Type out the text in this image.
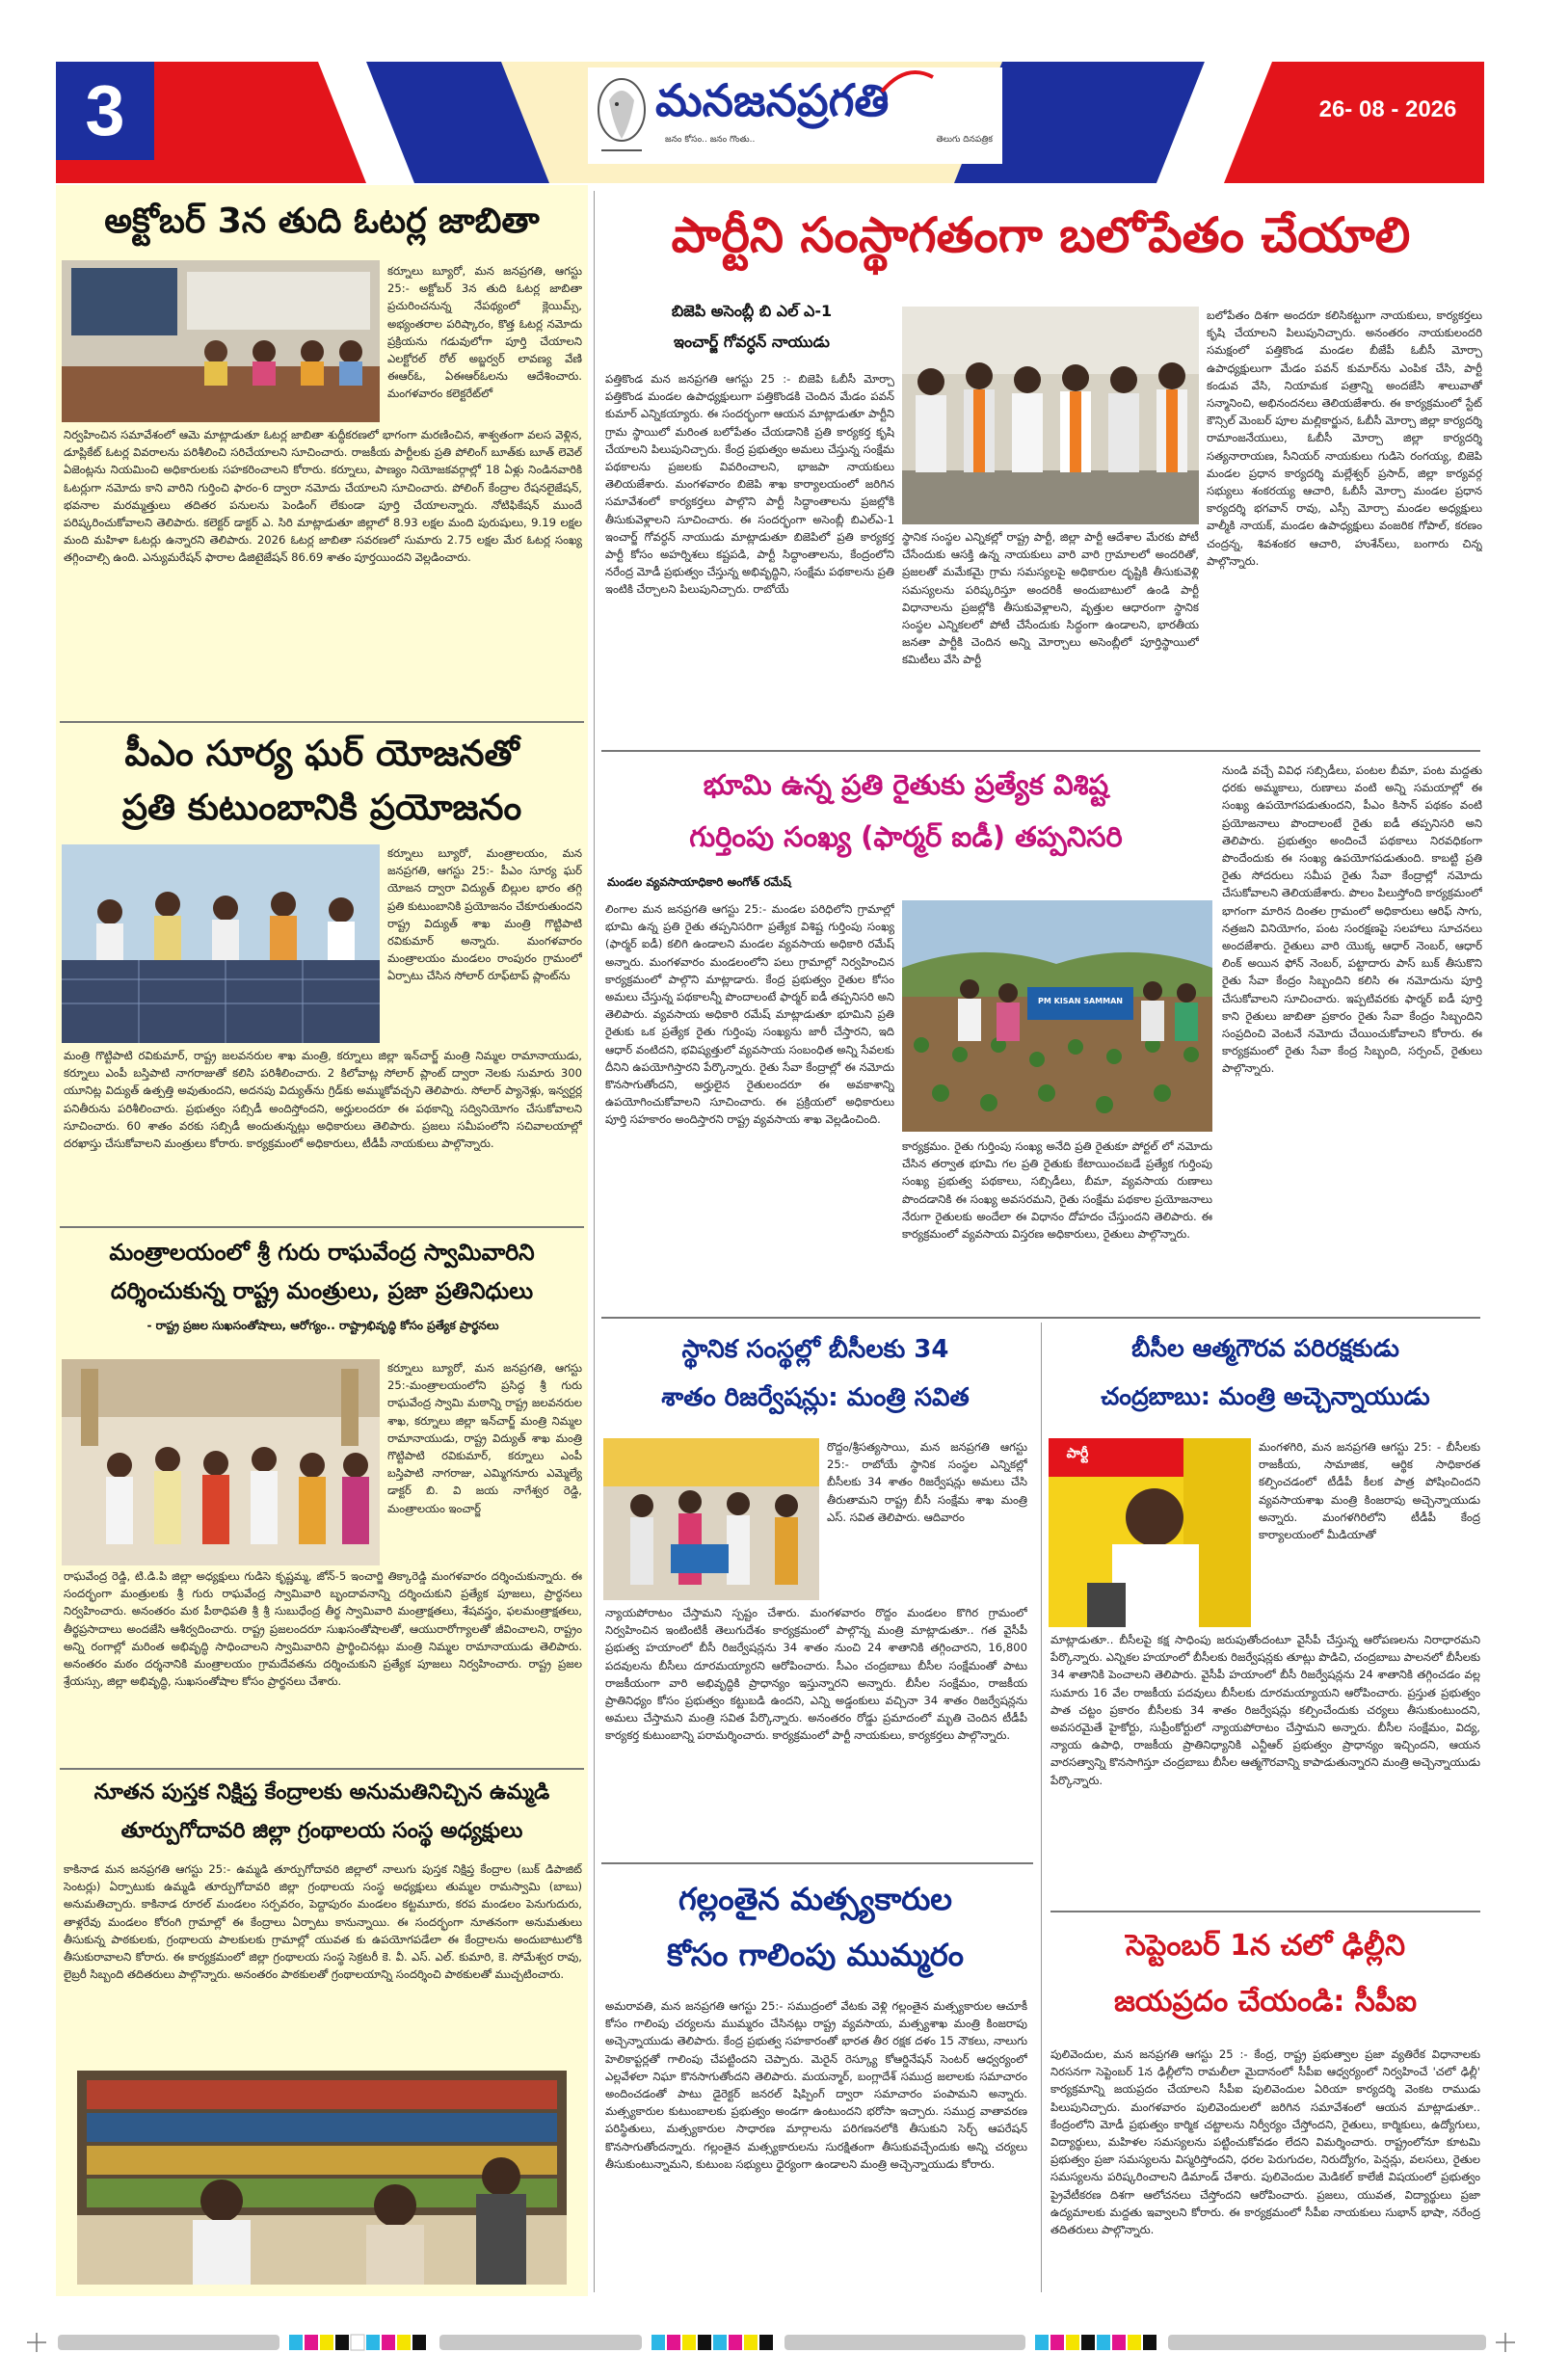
3	మనజనప్రగతి
జనం కోసం.. జనం గొంతు..	తెలుగు దినపత్రిక
26- 08 - 2026
అక్టోబర్ 3న తుది ఓటర్ల జాబితా
కర్నూలు బ్యూరో, మన జనప్రగతి, ఆగస్టు 25:- అక్టోబర్ 3న తుది ఓటర్ల జాబితా ప్రచురించనున్న నేపథ్యంలో క్లెయిమ్స్, అభ్యంతరాల పరిష్కారం, కొత్త ఓటర్ల నమోదు ప్రక్రియను గడువులోగా పూర్తి చేయాలని ఎలక్టోరల్ రోల్ అబ్జర్వర్ లావణ్య వేణి ఈఆర్ఓ, ఏఈఆర్ఓలను ఆదేశించారు. మంగళవారం కలెక్టరేట్‌లో
నిర్వహించిన సమావేశంలో ఆమె మాట్లాడుతూ ఓటర్ల జాబితా శుద్ధీకరణలో భాగంగా మరణించిన, శాశ్వతంగా వలస వెళ్లిన, డూప్లికేట్ ఓటర్ల వివరాలను పరిశీలించి సరిచేయాలని సూచించారు. రాజకీయ పార్టీలకు ప్రతి పోలింగ్ బూత్‌కు బూత్ లెవెల్ ఏజెంట్లను నియమించి అధికారులకు సహకరించాలని కోరారు. కర్నూలు, పాణ్యం నియోజకవర్గాల్లో 18 ఏళ్లు నిండినవారికి ఓటర్లుగా నమోదు కాని వారిని గుర్తించి ఫారం-6 ద్వారా నమోదు చేయాలని సూచించారు. పోలింగ్ కేంద్రాల రేషనలైజేషన్, భవనాల మరమ్మత్తులు తదితర పనులను పెండింగ్ లేకుండా పూర్తి చేయాలన్నారు. నోటిఫికేషన్ ముందే పరిష్కరించుకోవాలని తెలిపారు. కలెక్టర్ డాక్టర్ ఎ. సిరి మాట్లాడుతూ జిల్లాలో 8.93 లక్షల మంది పురుషులు, 9.19 లక్షల మంది మహిళా ఓటర్లు ఉన్నారని తెలిపారు. 2026 ఓటర్ల జాబితా సవరణలో సుమారు 2.75 లక్షల మేర ఓటర్ల సంఖ్య తగ్గించాల్సి ఉంది. ఎన్యుమరేషన్ ఫారాల డిజిటైజేషన్ 86.69 శాతం పూర్తయిందని వెల్లడించారు.
పీఎం సూర్య ఘర్ యోజనతో
ప్రతి కుటుంబానికి ప్రయోజనం
కర్నూలు బ్యూరో, మంత్రాలయం, మన జనప్రగతి, ఆగస్టు 25:- పీఎం సూర్య ఘర్ యోజన ద్వారా విద్యుత్ బిల్లుల భారం తగ్గి ప్రతి కుటుంబానికి ప్రయోజనం చేకూరుతుందని రాష్ట్ర విద్యుత్ శాఖ మంత్రి గొట్టిపాటి రవికుమార్ అన్నారు. మంగళవారం మంత్రాలయం మండలం రాంపురం గ్రామంలో ఏర్పాటు చేసిన సోలార్ రూఫ్‌టాప్ ప్లాంట్‌ను
మంత్రి గొట్టిపాటి రవికుమార్, రాష్ట్ర జలవనరుల శాఖ మంత్రి, కర్నూలు జిల్లా ఇన్‌చార్జ్ మంత్రి నిమ్మల రామానాయుడు, కర్నూలు ఎంపీ బస్తిపాటి నాగరాజుతో కలిసి పరిశీలించారు. 2 కిలోవాట్ల సోలార్ ప్లాంట్ ద్వారా నెలకు సుమారు 300 యూనిట్ల విద్యుత్ ఉత్పత్తి అవుతుందని, అదనపు విద్యుత్‌ను గ్రిడ్‌కు అమ్ముకోవచ్చని తెలిపారు. సోలార్ ప్యానెళ్లు, ఇన్వర్టర్ల పనితీరును పరిశీలించారు. ప్రభుత్వం సబ్సిడీ అందిస్తోందని, అర్హులందరూ ఈ పథకాన్ని సద్వినియోగం చేసుకోవాలని సూచించారు. 60 శాతం వరకు సబ్సిడీ అందుతున్నట్లు అధికారులు తెలిపారు. ప్రజలు సమీపంలోని సచివాలయాల్లో దరఖాస్తు చేసుకోవాలని మంత్రులు కోరారు. కార్యక్రమంలో అధికారులు, టీడీపీ నాయకులు పాల్గొన్నారు.
మంత్రాలయంలో శ్రీ గురు రాఘవేంద్ర స్వామివారిని
దర్శించుకున్న రాష్ట్ర మంత్రులు, ప్రజా ప్రతినిధులు
- రాష్ట్ర ప్రజల సుఖసంతోషాలు, ఆరోగ్యం.. రాష్ట్రాభివృద్ధి కోసం ప్రత్యేక ప్రార్థనలు
కర్నూలు బ్యూరో, మన జనప్రగతి, ఆగస్టు 25:-మంత్రాలయంలోని ప్రసిద్ధ శ్రీ గురు రాఘవేంద్ర స్వామి మఠాన్ని రాష్ట్ర జలవనరుల శాఖ, కర్నూలు జిల్లా ఇన్‌చార్జ్ మంత్రి నిమ్మల రామానాయుడు, రాష్ట్ర విద్యుత్ శాఖ మంత్రి గొట్టిపాటి రవికుమార్, కర్నూలు ఎంపీ బస్తిపాటి నాగరాజు, ఎమ్మిగనూరు ఎమ్మెల్యే డాక్టర్ బి. వి జయ నాగేశ్వర రెడ్డి, మంత్రాలయం ఇంచార్జ్
రాఘవేంద్ర రెడ్డి, టి.డి.పి జిల్లా అధ్యక్షులు గుడిసె కృష్ణమ్మ, జోన్-5 ఇంచార్జి తిక్కారెడ్డి మంగళవారం దర్శించుకున్నారు. ఈ సందర్భంగా మంత్రులకు శ్రీ గురు రాఘవేంద్ర స్వామివారి బృందావనాన్ని దర్శించుకుని ప్రత్యేక పూజలు, ప్రార్థనలు నిర్వహించారు. అనంతరం మఠ పీఠాధిపతి శ్రీ శ్రీ సుబుధేంద్ర తీర్థ స్వామివారి మంత్రాక్షతలు, శేషవస్త్రం, ఫలమంత్రాక్షతలు, తీర్థప్రసాదాలు అందజేసి ఆశీర్వదించారు. రాష్ట్ర ప్రజలందరూ సుఖసంతోషాలతో, ఆయురారోగ్యాలతో జీవించాలని, రాష్ట్రం అన్ని రంగాల్లో మరింత అభివృద్ధి సాధించాలని స్వామివారిని ప్రార్థించినట్లు మంత్రి నిమ్మల రామానాయుడు తెలిపారు. అనంతరం మఠం దర్శనానికి మంత్రాలయం గ్రామదేవతను దర్శించుకుని ప్రత్యేక పూజలు నిర్వహించారు. రాష్ట్ర ప్రజల శ్రేయస్సు, జిల్లా అభివృద్ధి, సుఖసంతోషాల కోసం ప్రార్థనలు చేశారు.
నూతన పుస్తక నిక్షిప్త కేంద్రాలకు అనుమతినిచ్చిన ఉమ్మడి
తూర్పుగోదావరి జిల్లా గ్రంథాలయ సంస్థ అధ్యక్షులు
కాకినాడ మన జనప్రగతి ఆగస్టు 25:- ఉమ్మడి తూర్పుగోదావరి జిల్లాలో నాలుగు పుస్తక నిక్షిప్త కేంద్రాల (బుక్ డిపాజిట్ సెంటర్లు) ఏర్పాటుకు ఉమ్మడి తూర్పుగోదావరి జిల్లా గ్రంథాలయ సంస్థ అధ్యక్షులు తుమ్మల రామస్వామి (బాబు) అనుమతిచ్చారు. కాకినాడ రూరల్ మండలం సర్పవరం, పెద్దాపురం మండలం కట్టమూరు, కరప మండలం పెనుగుదురు, తాళ్లరేవు మండలం కోరంగి గ్రామాల్లో ఈ కేంద్రాలు ఏర్పాటు కానున్నాయి. ఈ సందర్భంగా నూతనంగా అనుమతులు తీసుకున్న పాఠకులకు, గ్రంథాలయ పాలకులకు గ్రామాల్లో యువత కు ఉపయోగపడేలా ఈ కేంద్రాలను అందుబాటులోకి తీసుకురావాలని కోరారు. ఈ కార్యక్రమంలో జిల్లా గ్రంథాలయ సంస్థ సెక్రటరీ కె. వీ. ఎస్. ఎల్. కుమారి, కె. సోమేశ్వర రావు, లైబ్రరీ సిబ్బంది తదితరులు పాల్గొన్నారు. అనంతరం పాఠకులతో గ్రంథాలయాన్ని సందర్శించి పాఠకులతో ముచ్చటించారు.
పార్టీని సంస్థాగతంగా బలోపేతం చేయాలి
బిజెపి అసెంబ్లీ బి ఎల్ ఎ-1
ఇంచార్జ్ గోవర్ధన్ నాయుడు
పత్తికొండ మన జనప్రగతి ఆగస్టు 25 :- బిజెపి ఓబీసీ మోర్చా పత్తికొండ మండల ఉపాధ్యక్షులుగా పత్తికొండకి చెందిన మేడం పవన్ కుమార్ ఎన్నికయ్యారు. ఈ సందర్భంగా ఆయన మాట్లాడుతూ పార్టీని గ్రామ స్థాయిలో మరింత బలోపేతం చేయడానికి ప్రతి కార్యకర్త కృషి చేయాలని పిలుపునిచ్చారు. కేంద్ర ప్రభుత్వం అమలు చేస్తున్న సంక్షేమ పథకాలను ప్రజలకు వివరించాలని, భాజపా నాయకులు తెలియజేశారు. మంగళవారం బిజెపి శాఖ కార్యాలయంలో జరిగిన సమావేశంలో కార్యకర్తలు పాల్గొని పార్టీ సిద్ధాంతాలను ప్రజల్లోకి తీసుకువెళ్లాలని సూచించారు. ఈ సందర్భంగా అసెంబ్లీ బిఎల్ఎ-1 ఇంచార్జ్ గోవర్ధన్ నాయుడు మాట్లాడుతూ బిజెపిలో ప్రతి కార్యకర్త పార్టీ కోసం అహర్నిశలు కష్టపడి, పార్టీ సిద్ధాంతాలను, కేంద్రంలోని నరేంద్ర మోడీ ప్రభుత్వం చేస్తున్న అభివృద్ధిని, సంక్షేమ పథకాలను ప్రతి ఇంటికి చేర్చాలని పిలుపునిచ్చారు. రాబోయే
స్థానిక సంస్థల ఎన్నికల్లో రాష్ట్ర పార్టీ, జిల్లా పార్టీ ఆదేశాల మేరకు పోటీ చేసేందుకు ఆసక్తి ఉన్న నాయకులు వారి వారి గ్రామాలలో అందరితో, ప్రజలతో మమేకమై గ్రామ సమస్యలపై అధికారుల దృష్టికి తీసుకువెళ్లి సమస్యలను పరిష్కరిస్తూ అందరికీ అందుబాటులో ఉండి పార్టీ విధానాలను ప్రజల్లోకి తీసుకువెళ్లాలని, వృత్తుల ఆధారంగా స్థానిక సంస్థల ఎన్నికలలో పోటీ చేసేందుకు సిద్ధంగా ఉండాలని, భారతీయ జనతా పార్టీకి చెందిన అన్ని మోర్చాలు అసెంబ్లీలో పూర్తిస్థాయిలో కమిటీలు వేసి పార్టీ
బలోపేతం దిశగా అందరూ కలిసికట్టుగా నాయకులు, కార్యకర్తలు కృషి చేయాలని పిలుపునిచ్చారు. అనంతరం నాయకులందరి సమక్షంలో పత్తికొండ మండల బీజేపీ ఓబీసీ మోర్చా ఉపాధ్యక్షులుగా మేడం పవన్ కుమార్‌ను ఎంపిక చేసి, పార్టీ కండువ వేసి, నియామక పత్రాన్ని అందజేసి శాలువాతో సన్మానించి, అభినందనలు తెలియజేశారు. ఈ కార్యక్రమంలో స్టేట్ కౌన్సిల్ మెంబర్ పూల మల్లికార్జున, ఓబీసీ మోర్చా జిల్లా కార్యదర్శి రామాంజనేయులు, ఓబీసీ మోర్చా జిల్లా కార్యదర్శి సత్యనారాయణ, సీనియర్ నాయకులు గుడిసె రంగయ్య, బిజెపి మండల ప్రధాన కార్యదర్శి మల్లేశ్వర్ ప్రసాద్, జిల్లా కార్యవర్గ సభ్యులు శంకరయ్య ఆచారి, ఓబీసీ మోర్చా మండల ప్రధాన కార్యదర్శి భగవాన్ రావు, ఎస్సీ మోర్చా మండల అధ్యక్షులు వాల్మీకి నాయక్, మండల ఉపాధ్యక్షులు వంజరిక గోపాల్, కరణం చంద్రన్న, శివశంకర ఆచారి, హుశేన్‌లు, బంగారు చిన్న పాల్గొన్నారు.
భూమి ఉన్న ప్రతి రైతుకు ప్రత్యేక విశిష్ట
గుర్తింపు సంఖ్య (ఫార్మర్ ఐడీ) తప్పనిసరి
మండల వ్యవసాయాధికారి అంగోత్ రమేష్
లింగాల మన జనప్రగతి ఆగస్టు 25:- మండల పరిధిలోని గ్రామాల్లో భూమి ఉన్న ప్రతి రైతు తప్పనిసరిగా ప్రత్యేక విశిష్ట గుర్తింపు సంఖ్య (ఫార్మర్ ఐడీ) కలిగి ఉండాలని మండల వ్యవసాయ అధికారి రమేష్ అన్నారు. మంగళవారం మండలంలోని పలు గ్రామాల్లో నిర్వహించిన కార్యక్రమంలో పాల్గొని మాట్లాడారు. కేంద్ర ప్రభుత్వం రైతుల కోసం అమలు చేస్తున్న పథకాలన్నీ పొందాలంటే ఫార్మర్ ఐడీ తప్పనిసరి అని తెలిపారు. వ్యవసాయ అధికారి రమేష్ మాట్లాడుతూ భూమిని ప్రతి రైతుకు ఒక ప్రత్యేక రైతు గుర్తింపు సంఖ్యను జారీ చేస్తారని, ఇది ఆధార్ వంటిదని, భవిష్యత్తులో వ్యవసాయ సంబంధిత అన్ని సేవలకు దీనిని ఉపయోగిస్తారని పేర్కొన్నారు. రైతు సేవా కేంద్రాల్లో ఈ నమోదు కొనసాగుతోందని, అర్హులైన రైతులందరూ ఈ అవకాశాన్ని ఉపయోగించుకోవాలని సూచించారు. ఈ ప్రక్రియలో అధికారులు పూర్తి సహకారం అందిస్తారని రాష్ట్ర వ్యవసాయ శాఖ వెల్లడించింది.
PM KISAN SAMMAN
కార్యక్రమం. రైతు గుర్తింపు సంఖ్య అనేది ప్రతి రైతుకూ పోర్టల్ లో నమోదు చేసిన తర్వాత భూమి గల ప్రతి రైతుకు కేటాయించబడే ప్రత్యేక గుర్తింపు సంఖ్య ప్రభుత్వ పథకాలు, సబ్సిడీలు, బీమా, వ్యవసాయ రుణాలు పొందడానికి ఈ సంఖ్య అవసరమని, రైతు సంక్షేమ పథకాల ప్రయోజనాలు నేరుగా రైతులకు అందేలా ఈ విధానం దోహదం చేస్తుందని తెలిపారు. ఈ కార్యక్రమంలో వ్యవసాయ విస్తరణ అధికారులు, రైతులు పాల్గొన్నారు.
నుండి వచ్చే వివిధ సబ్సిడీలు, పంటల బీమా, పంట మద్దతు ధరకు అమ్మకాలు, రుణాలు వంటి అన్ని సమయాల్లో ఈ సంఖ్య ఉపయోగపడుతుందని, పీఎం కిసాన్ పథకం వంటి ప్రయోజనాలు పొందాలంటే రైతు ఐడీ తప్పనిసరి అని తెలిపారు. ప్రభుత్వం అందించే పథకాలు నిరవధికంగా పొందేందుకు ఈ సంఖ్య ఉపయోగపడుతుంది. కాబట్టి ప్రతి రైతు సోదరులు సమీప రైతు సేవా కేంద్రాల్లో నమోదు చేసుకోవాలని తెలియజేశారు. పొలం పిలుస్తోంది కార్యక్రమంలో భాగంగా మారిన దింతల గ్రామంలో అధికారులు ఆరిఫ్ సాగు, నత్రజని వినియోగం, పంట సంరక్షణపై సలహాలు సూచనలు అందజేశారు. రైతులు వారి యొక్క ఆధార్ నెంబర్, ఆధార్ లింక్ అయిన ఫోన్ నెంబర్, పట్టాదారు పాస్ బుక్ తీసుకొని రైతు సేవా కేంద్రం సిబ్బందిని కలిసి ఈ నమోదును పూర్తి చేసుకోవాలని సూచించారు. ఇప్పటివరకు ఫార్మర్ ఐడీ పూర్తి కాని రైతులు జాబితా ప్రకారం రైతు సేవా కేంద్రం సిబ్బందిని సంప్రదించి వెంటనే నమోదు చేయించుకోవాలని కోరారు. ఈ కార్యక్రమంలో రైతు సేవా కేంద్ర సిబ్బంది, సర్పంచ్, రైతులు పాల్గొన్నారు.
స్థానిక సంస్థల్లో బీసీలకు 34
శాతం రిజర్వేషన్లు: మంత్రి సవిత
రొద్దం/శ్రీసత్యసాయి, మన జనప్రగతి ఆగస్టు 25:- రాబోయే స్థానిక సంస్థల ఎన్నికల్లో బీసీలకు 34 శాతం రిజర్వేషన్లు అమలు చేసి తీరుతామని రాష్ట్ర బీసీ సంక్షేమ శాఖ మంత్రి ఎస్. సవిత తెలిపారు. ఆదివారం
న్యాయపోరాటం చేస్తామని స్పష్టం చేశారు. మంగళవారం రొద్దం మండలం కొగిర గ్రామంలో నిర్వహించిన ఇంటింటికీ తెలుగుదేశం కార్యక్రమంలో పాల్గొన్న మంత్రి మాట్లాడుతూ.. గత వైసీపీ ప్రభుత్వ హయాంలో బీసీ రిజర్వేషన్లను 34 శాతం నుంచి 24 శాతానికి తగ్గించారని, 16,800 పదవులను బీసీలు దూరమయ్యారని ఆరోపించారు. సీఎం చంద్రబాబు బీసీల సంక్షేమంతో పాటు రాజకీయంగా వారి అభివృద్ధికి ప్రాధాన్యం ఇస్తున్నారని అన్నారు. బీసీల సంక్షేమం, రాజకీయ ప్రాతినిధ్యం కోసం ప్రభుత్వం కట్టుబడి ఉందని, ఎన్ని అడ్డంకులు వచ్చినా 34 శాతం రిజర్వేషన్లను అమలు చేస్తామని మంత్రి సవిత పేర్కొన్నారు. అనంతరం రోడ్డు ప్రమాదంలో మృతి చెందిన టీడీపీ కార్యకర్త కుటుంబాన్ని పరామర్శించారు. కార్యక్రమంలో పార్టీ నాయకులు, కార్యకర్తలు పాల్గొన్నారు.
బీసీల ఆత్మగౌరవ పరిరక్షకుడు
చంద్రబాబు: మంత్రి అచ్చెన్నాయుడు
పార్టీ	మంగళగిరి, మన జనప్రగతి ఆగస్టు 25: - బీసీలకు రాజకీయ, సామాజిక, ఆర్థిక సాధికారత కల్పించడంలో టీడీపీ కీలక పాత్ర పోషించిందని వ్యవసాయశాఖ మంత్రి కింజరాపు అచ్చెన్నాయుడు అన్నారు. మంగళగిరిలోని టీడీపీ కేంద్ర కార్యాలయంలో మీడియాతో
మాట్లాడుతూ.. బీసీలపై కక్ష సాధింపు జరుపుతోందంటూ వైసీపీ చేస్తున్న ఆరోపణలను నిరాధారమని పేర్కొన్నారు. ఎన్నికల హయాంలో బీసీలకు రిజర్వేషన్లకు తూట్లు పొడిచి, చంద్రబాబు పాలనలో బీసీలకు 34 శాతానికి పెంచాలని తెలిపారు. వైసీపీ హయాంలో బీసీ రిజర్వేషన్లను 24 శాతానికి తగ్గించడం వల్ల సుమారు 16 వేల రాజకీయ పదవులు బీసీలకు దూరమయ్యాయని ఆరోపించారు. ప్రస్తుత ప్రభుత్వం పాత చట్టం ప్రకారం బీసీలకు 34 శాతం రిజర్వేషన్లు కల్పించేందుకు చర్యలు తీసుకుంటుందని, అవసరమైతే హైకోర్టు, సుప్రీంకోర్టులో న్యాయపోరాటం చేస్తామని అన్నారు. బీసీల సంక్షేమం, విద్య, న్యాయ ఉపాధి, రాజకీయ ప్రాతినిధ్యానికి ఎన్టీఆర్ ప్రభుత్వం ప్రాధాన్యం ఇచ్చిందని, ఆయన వారసత్వాన్ని కొనసాగిస్తూ చంద్రబాబు బీసీల ఆత్మగౌరవాన్ని కాపాడుతున్నారని మంత్రి అచ్చెన్నాయుడు పేర్కొన్నారు.
గల్లంతైన మత్స్యకారుల
కోసం గాలింపు ముమ్మరం
అమరావతి, మన జనప్రగతి ఆగస్టు 25:- సముద్రంలో వేటకు వెళ్లి గల్లంతైన మత్స్యకారుల ఆచూకీ కోసం గాలింపు చర్యలను ముమ్మరం చేసినట్లు రాష్ట్ర వ్యవసాయ, మత్స్యశాఖ మంత్రి కింజరాపు అచ్చెన్నాయుడు తెలిపారు. కేంద్ర ప్రభుత్వ సహకారంతో భారత తీర రక్షక దళం 15 నౌకలు, నాలుగు హెలికాప్టర్లతో గాలింపు చేపట్టిందని చెప్పారు. మెరైన్ రెస్క్యూ కోఆర్డినేషన్ సెంటర్ ఆధ్వర్యంలో ఎల్లవేళలా నిఘా కొనసాగుతోందని తెలిపారు. మయన్మార్, బంగ్లాదేశ్ సముద్ర జలాలకు సమాచారం అందించడంతో పాటు డైరెక్టర్ జనరల్ షిప్పింగ్ ద్వారా సమాచారం పంపామని అన్నారు. మత్స్యకారుల కుటుంబాలకు ప్రభుత్వం అండగా ఉంటుందని భరోసా ఇచ్చారు. సముద్ర వాతావరణ పరిస్థితులు, మత్స్యకారుల సాధారణ మార్గాలను పరిగణనలోకి తీసుకుని సెర్చ్ ఆపరేషన్ కొనసాగుతోందన్నారు. గల్లంతైన మత్స్యకారులను సురక్షితంగా తీసుకువచ్చేందుకు అన్ని చర్యలు తీసుకుంటున్నామని, కుటుంబ సభ్యులు ధైర్యంగా ఉండాలని మంత్రి అచ్చెన్నాయుడు కోరారు.
సెప్టెంబర్ 1న చలో ఢిల్లీని
జయప్రదం చేయండి: సీపీఐ
పులివెందుల, మన జనప్రగతి ఆగస్టు 25 :- కేంద్ర, రాష్ట్ర ప్రభుత్వాల ప్రజా వ్యతిరేక విధానాలకు నిరసనగా సెప్టెంబర్ 1న ఢిల్లీలోని రామలీలా మైదానంలో సీపీఐ ఆధ్వర్యంలో నిర్వహించే 'చలో ఢిల్లీ' కార్యక్రమాన్ని జయప్రదం చేయాలని సీపీఐ పులివెందుల ఏరియా కార్యదర్శి వెంకట రాముడు పిలుపునిచ్చారు. మంగళవారం పులివెందులలో జరిగిన సమావేశంలో ఆయన మాట్లాడుతూ.. కేంద్రంలోని మోడీ ప్రభుత్వం కార్మిక చట్టాలను నిర్వీర్యం చేస్తోందని, రైతులు, కార్మికులు, ఉద్యోగులు, విద్యార్థులు, మహిళల సమస్యలను పట్టించుకోవడం లేదని విమర్శించారు. రాష్ట్రంలోనూ కూటమి ప్రభుత్వం ప్రజా సమస్యలను విస్మరిస్తోందని, ధరల పెరుగుదల, నిరుద్యోగం, పెన్షన్లు, వలసలు, రైతుల సమస్యలను పరిష్కరించాలని డిమాండ్ చేశారు. పులివెందుల మెడికల్ కాలేజీ విషయంలో ప్రభుత్వం ప్రైవేటీకరణ దిశగా ఆలోచనలు చేస్తోందని ఆరోపించారు. ప్రజలు, యువత, విద్యార్థులు ప్రజా ఉద్యమాలకు మద్దతు ఇవ్వాలని కోరారు. ఈ కార్యక్రమంలో సీపీఐ నాయకులు సుభాన్ భాషా, నరేంద్ర తదితరులు పాల్గొన్నారు.
